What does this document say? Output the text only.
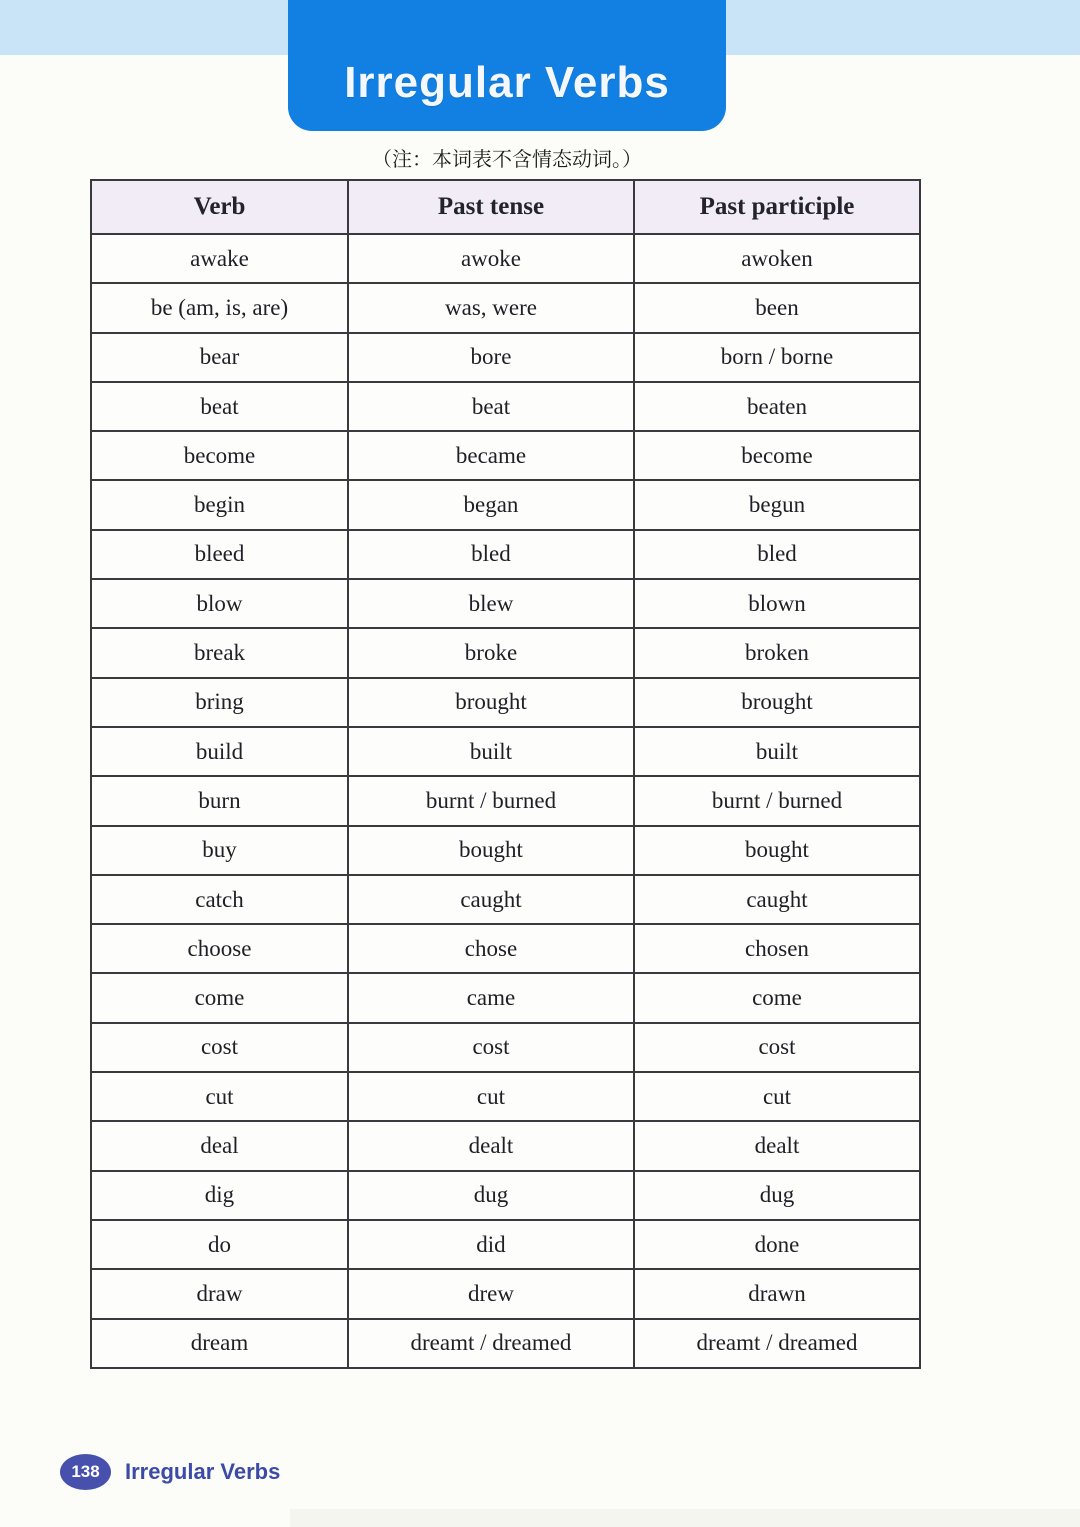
Irregular Verbs
（注：本词表不含情态动词。）
Verb	Past tense	Past participle
awake	awoke	awoken
be (am, is, are)	was, were	been
bear	bore	born / borne
beat	beat	beaten
become	became	become
begin	began	begun
bleed	bled	bled
blow	blew	blown
break	broke	broken
bring	brought	brought
build	built	built
burn	burnt / burned	burnt / burned
buy	bought	bought
catch	caught	caught
choose	chose	chosen
come	came	come
cost	cost	cost
cut	cut	cut
deal	dealt	dealt
dig	dug	dug
do	did	done
draw	drew	drawn
dream	dreamt / dreamed	dreamt / dreamed
138	Irregular Verbs
